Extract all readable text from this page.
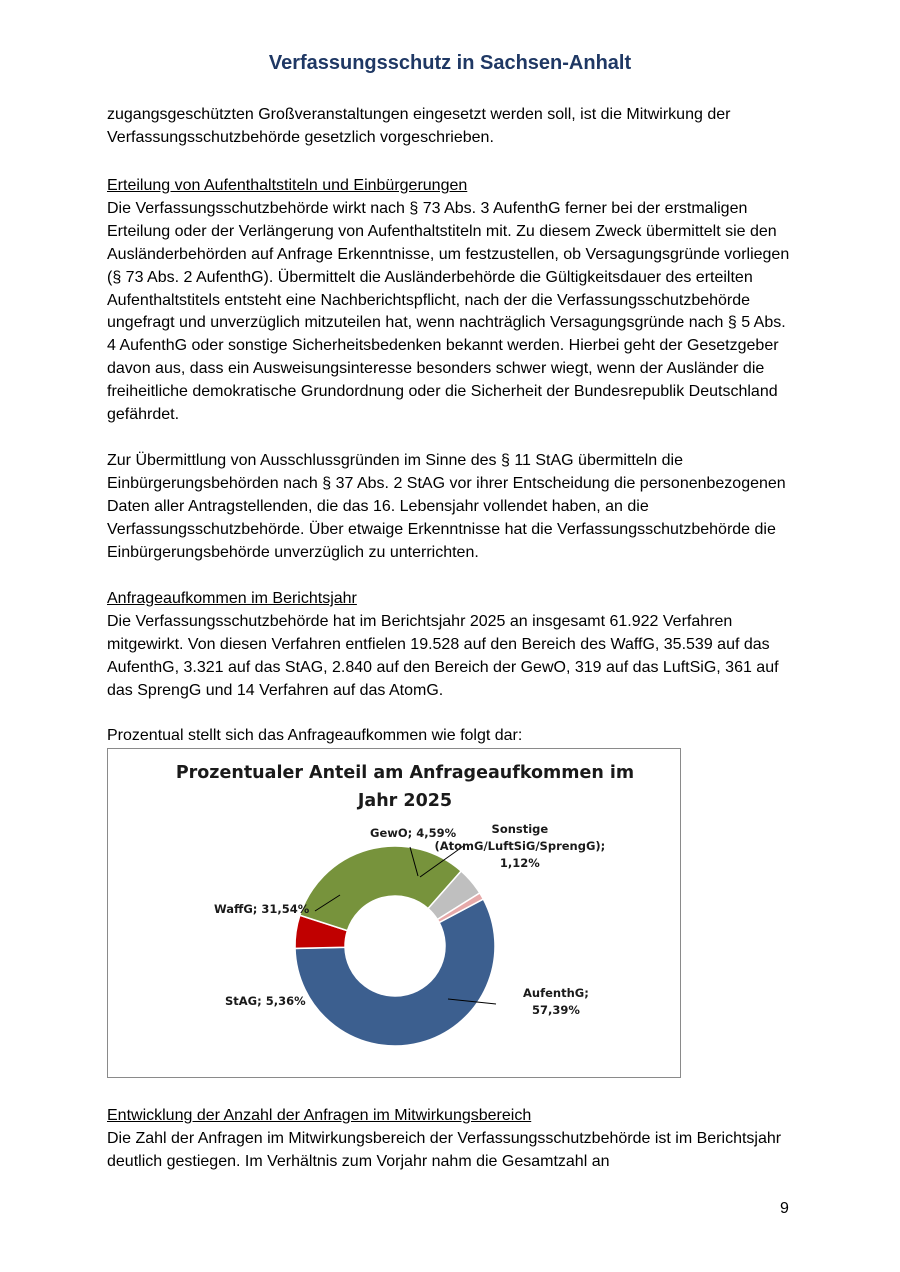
Verfassungsschutz in Sachsen-Anhalt

zugangsgeschützten Großveranstaltungen eingesetzt werden soll, ist die Mitwirkung der Verfassungsschutzbehörde gesetzlich vorgeschrieben.

Erteilung von Aufenthaltstiteln und Einbürgerungen

Die Verfassungsschutzbehörde wirkt nach § 73 Abs. 3 AufenthG ferner bei der erstmaligen Erteilung oder der Verlängerung von Aufenthaltstiteln mit. Zu diesem Zweck übermittelt sie den Ausländerbehörden auf Anfrage Erkenntnisse, um festzustellen, ob Versagungsgründe vorliegen (§ 73 Abs. 2 AufenthG). Übermittelt die Ausländerbehörde die Gültigkeitsdauer des erteilten Aufenthaltstitels entsteht eine Nachberichtspflicht, nach der die Verfassungsschutzbehörde ungefragt und unverzüglich mitzuteilen hat, wenn nachträglich Versagungsgründe nach § 5 Abs. 4 AufenthG oder sonstige Sicherheitsbedenken bekannt werden. Hierbei geht der Gesetzgeber davon aus, dass ein Ausweisungsinteresse besonders schwer wiegt, wenn der Ausländer die freiheitliche demokratische Grundordnung oder die Sicherheit der Bundesrepublik Deutschland gefährdet.

Zur Übermittlung von Ausschlussgründen im Sinne des § 11 StAG übermitteln die Einbürgerungsbehörden nach § 37 Abs. 2 StAG vor ihrer Entscheidung die personenbezogenen Daten aller Antragstellenden, die das 16. Lebensjahr vollendet haben, an die Verfassungsschutzbehörde. Über etwaige Erkenntnisse hat die Verfassungsschutzbehörde die Einbürgerungsbehörde unverzüglich zu unterrichten.

Anfrageaufkommen im Berichtsjahr

Die Verfassungsschutzbehörde hat im Berichtsjahr 2025 an insgesamt 61.922 Verfahren mitgewirkt. Von diesen Verfahren entfielen 19.528 auf den Bereich des WaffG, 35.539 auf das AufenthG, 3.321 auf das StAG, 2.840 auf den Bereich der GewO, 319 auf das LuftSiG, 361 auf das SprengG und 14 Verfahren auf das AtomG.

Prozentual stellt sich das Anfrageaufkommen wie folgt dar:

Prozentualer Anteil am Anfrageaufkommen im
Jahr 2025
AufenthG;
57,39%
StAG; 5,36%
WaffG; 31,54%
GewO; 4,59%	Sonstige
(AtomG/LuftSiG/SprengG);
1,12%

Entwicklung der Anzahl der Anfragen im Mitwirkungsbereich

Die Zahl der Anfragen im Mitwirkungsbereich der Verfassungsschutzbehörde ist im Berichtsjahr deutlich gestiegen. Im Verhältnis zum Vorjahr nahm die Gesamtzahl an

9
